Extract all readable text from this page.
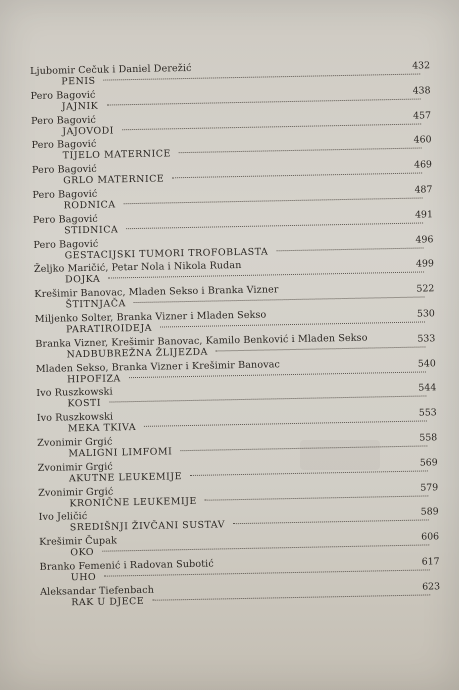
Ljubomir Cečuk i Daniel Derežić
PENIS
432
Pero Bagović
JAJNIK
438
Pero Bagović
JAJOVODI
457
Pero Bagović
TIJELO MATERNICE
460
Pero Bagović
GRLO MATERNICE
469
Pero Bagović
RODNICA
487
Pero Bagović
STIDNICA
491
Pero Bagović
GESTACIJSKI TUMORI TROFOBLASTA
496
Željko Maričić, Petar Nola i Nikola Rudan
DOJKA
499
Krešimir Banovac, Mladen Sekso i Branka Vizner
ŠTITNJAČA
522
Miljenko Solter, Branka Vizner i Mladen Sekso
PARATIROIDEJA
530
Branka Vizner, Krešimir Banovac, Kamilo Benković i Mladen Sekso
NADBUBREŽNA ŽLIJEZDA
533
Mladen Sekso, Branka Vizner i Krešimir Banovac
HIPOFIZA
540
Ivo Ruszkowski
KOSTI
544
Ivo Ruszkowski
MEKA TKIVA
553
Zvonimir Grgić
MALIGNI LIMFOMI
558
Zvonimir Grgić
AKUTNE LEUKEMIJE
569
Zvonimir Grgić
KRONIČNE LEUKEMIJE
579
Ivo Jeličić
SREDIŠNJI ŽIVČANI SUSTAV
589
Krešimir Čupak
OKO
606
Branko Femenić i Radovan Subotić
UHO
617
Aleksandar Tiefenbach
RAK U DJECE
623
